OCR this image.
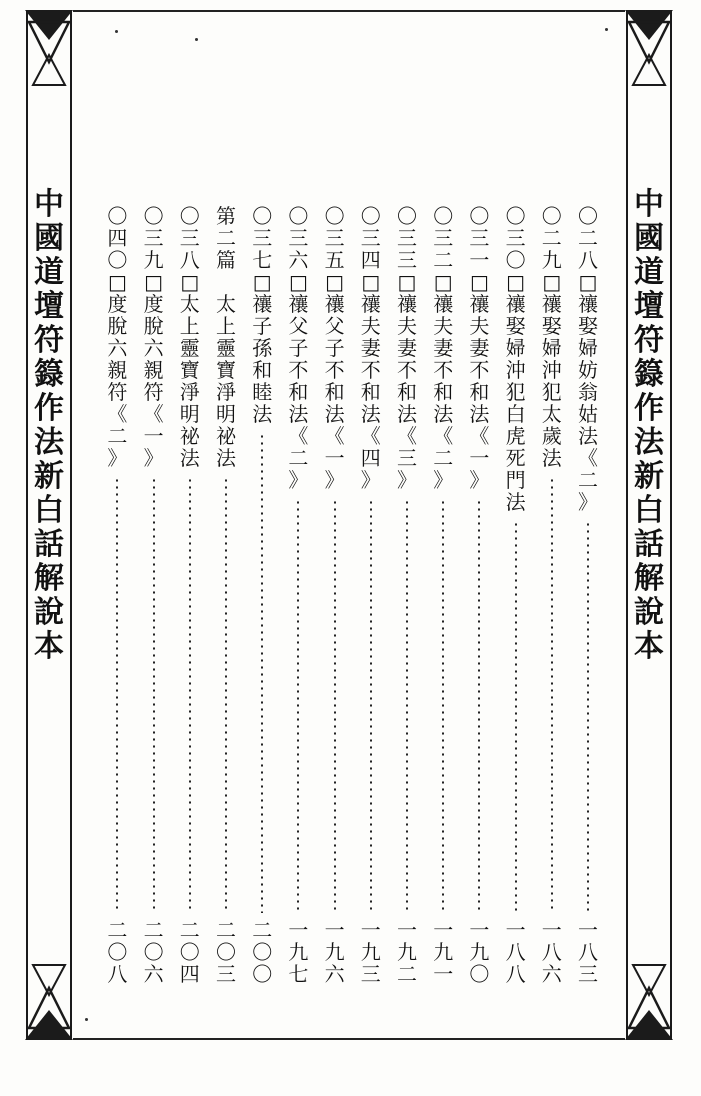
中
國
道
壇
符
籙
作
法
新
白
話
解
說
本
中
國
道
壇
符
籙
作
法
新
白
話
解
說
本
〇
二
八
□
禳
娶
婦
妨
翁
姑
法
《
二
》
一
八
三
〇
二
九
□
禳
娶
婦
沖
犯
太
歲
法
一
八
六
〇
三
〇
□
禳
娶
婦
沖
犯
白
虎
死
門
法
一
八
八
〇
三
一
□
禳
夫
妻
不
和
法
《
一
》
一
九
〇
〇
三
二
□
禳
夫
妻
不
和
法
《
二
》
一
九
一
〇
三
三
□
禳
夫
妻
不
和
法
《
三
》
一
九
二
〇
三
四
□
禳
夫
妻
不
和
法
《
四
》
一
九
三
〇
三
五
□
禳
父
子
不
和
法
《
一
》
一
九
六
〇
三
六
□
禳
父
子
不
和
法
《
二
》
一
九
七
〇
三
七
□
禳
子
孫
和
睦
法
二
〇
〇
第
二
篇

太
上
靈
寶
淨
明
祕
法
二
〇
三
〇
三
八
□
太
上
靈
寶
淨
明
祕
法
二
〇
四
〇
三
九
□
度
脫
六
親
符
《
一
》
二
〇
六
〇
四
〇
□
度
脫
六
親
符
《
二
》
二
〇
八
